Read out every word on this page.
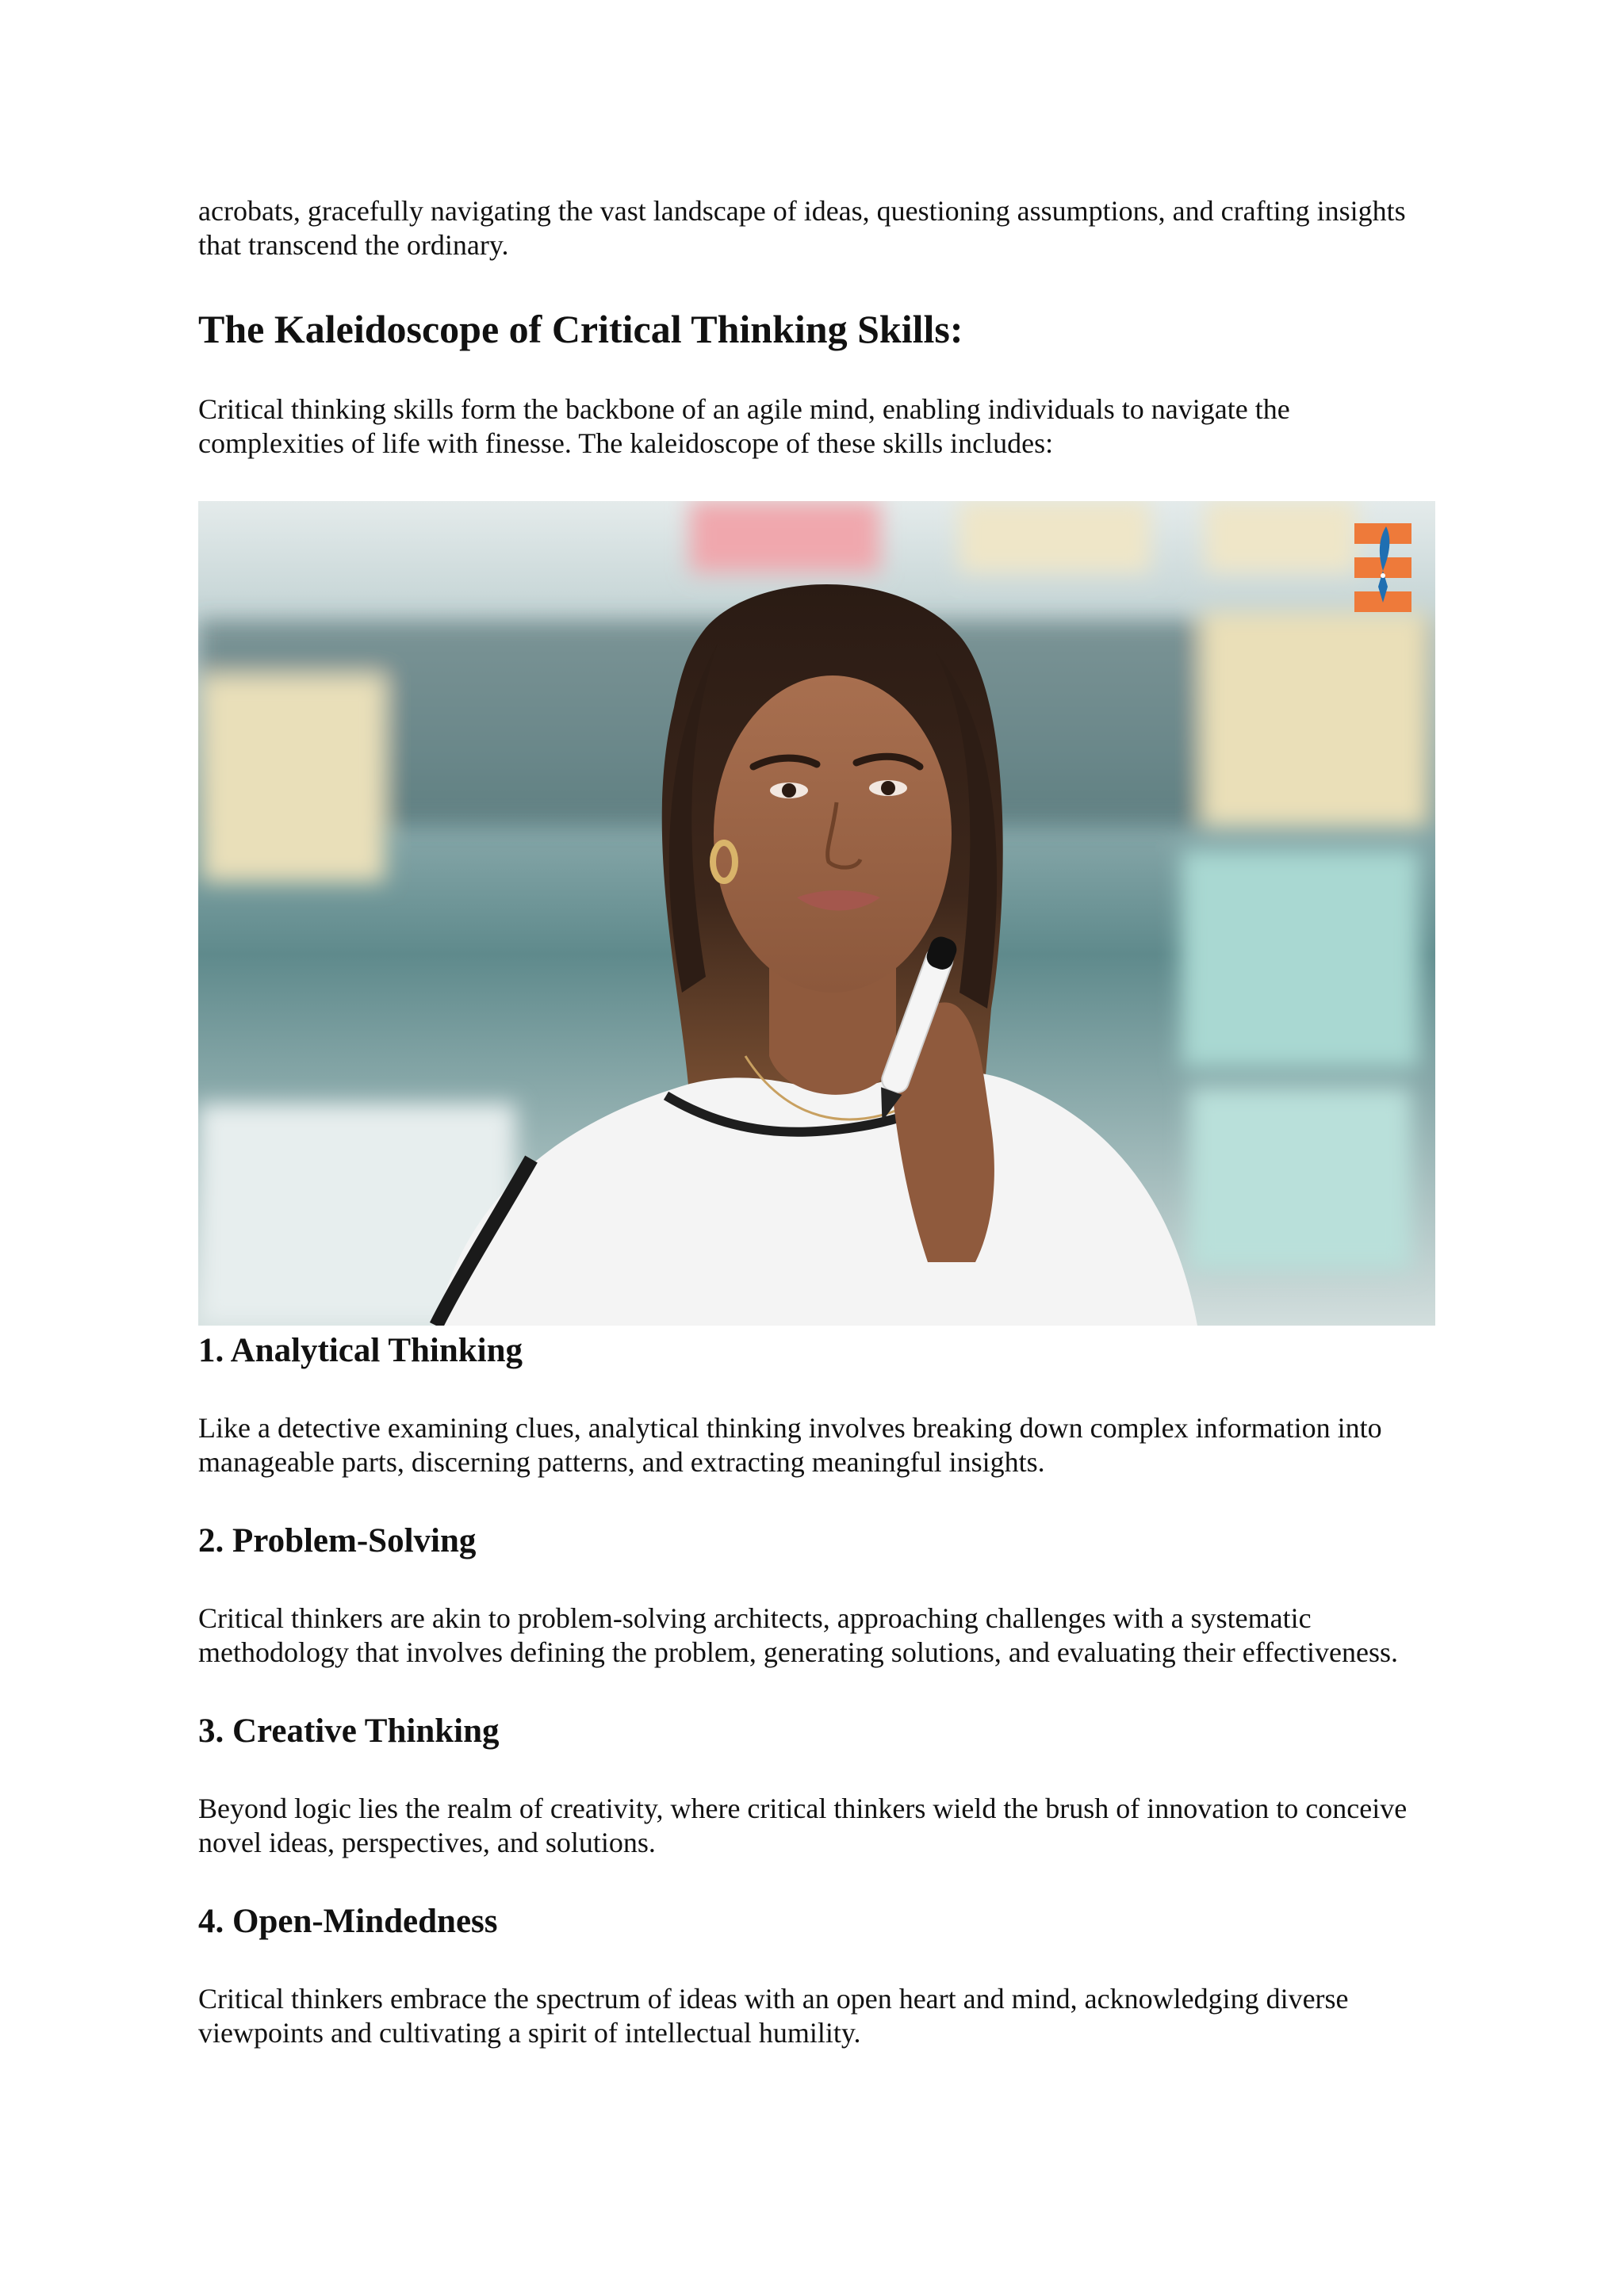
acrobats, gracefully navigating the vast landscape of ideas, questioning assumptions, and crafting insights that transcend the ordinary.

The Kaleidoscope of Critical Thinking Skills:

Critical thinking skills form the backbone of an agile mind, enabling individuals to navigate the complexities of life with finesse. The kaleidoscope of these skills includes:

1. Analytical Thinking

Like a detective examining clues, analytical thinking involves breaking down complex information into manageable parts, discerning patterns, and extracting meaningful insights.

2. Problem-Solving

Critical thinkers are akin to problem-solving architects, approaching challenges with a systematic methodology that involves defining the problem, generating solutions, and evaluating their effectiveness.

3. Creative Thinking

Beyond logic lies the realm of creativity, where critical thinkers wield the brush of innovation to conceive novel ideas, perspectives, and solutions.

4. Open-Mindedness

Critical thinkers embrace the spectrum of ideas with an open heart and mind, acknowledging diverse viewpoints and cultivating a spirit of intellectual humility.
